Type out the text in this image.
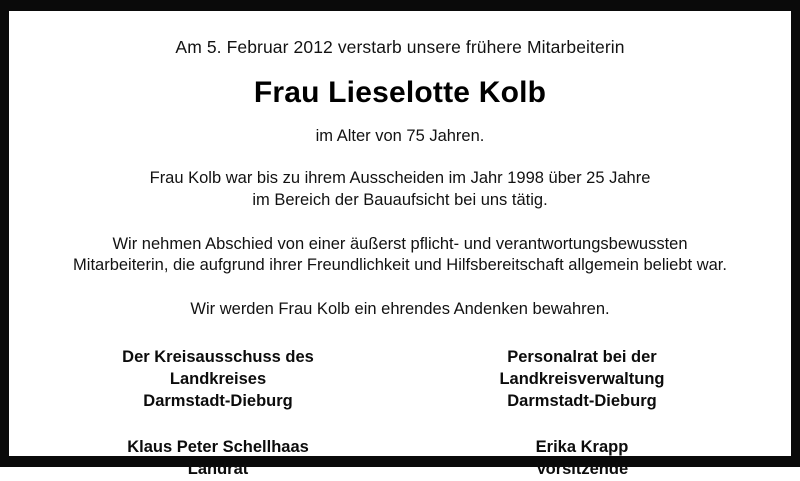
Am 5. Februar 2012 verstarb unsere frühere Mitarbeiterin
Frau Lieselotte Kolb
im Alter von 75 Jahren.
Frau Kolb war bis zu ihrem Ausscheiden im Jahr 1998 über 25 Jahre
im Bereich der Bauaufsicht bei uns tätig.
Wir nehmen Abschied von einer äußerst pflicht- und verantwortungsbewussten
Mitarbeiterin, die aufgrund ihrer Freundlichkeit und Hilfsbereitschaft allgemein beliebt war.
Wir werden Frau Kolb ein ehrendes Andenken bewahren.
Der Kreisausschuss des
Landkreises
Darmstadt-Dieburg
Klaus Peter Schellhaas
Landrat
Personalrat bei der
Landkreisverwaltung
Darmstadt-Dieburg
Erika Krapp
Vorsitzende
